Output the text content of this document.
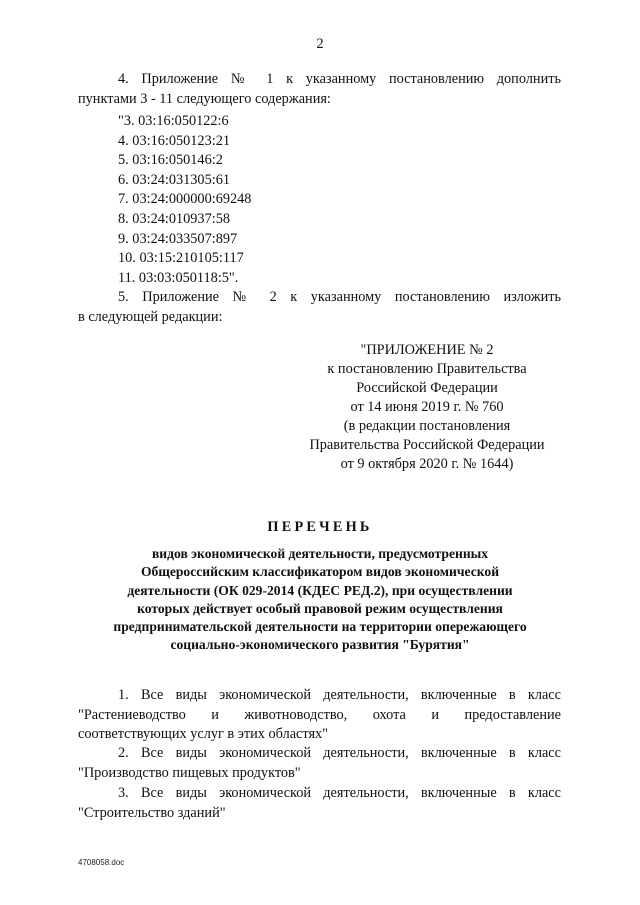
2
4. Приложение № 1 к указанному постановлению дополнить
пунктами 3 - 11 следующего содержания:
"3. 03:16:050122:6
4. 03:16:050123:21
5. 03:16:050146:2
6. 03:24:031305:61
7. 03:24:000000:69248
8. 03:24:010937:58
9. 03:24:033507:897
10. 03:15:210105:117
11. 03:03:050118:5".
5. Приложение № 2 к указанному постановлению изложить
в следующей редакции:
"ПРИЛОЖЕНИЕ № 2
к постановлению Правительства
Российской Федерации
от 14 июня 2019 г. № 760
(в редакции постановления
Правительства Российской Федерации
от 9 октября 2020 г. № 1644)
ПЕРЕЧЕНЬ
видов экономической деятельности, предусмотренных
Общероссийским классификатором видов экономической
деятельности (ОК 029-2014 (КДЕС РЕД.2), при осуществлении
которых действует особый правовой режим осуществления
предпринимательской деятельности на территории опережающего
социально-экономического развития "Бурятия"
1. Все виды экономической деятельности, включенные в класс
"Растениеводство и животноводство, охота и предоставление
соответствующих услуг в этих областях"
2. Все виды экономической деятельности, включенные в класс
"Производство пищевых продуктов"
3. Все виды экономической деятельности, включенные в класс
"Строительство зданий"
4708058.doc
